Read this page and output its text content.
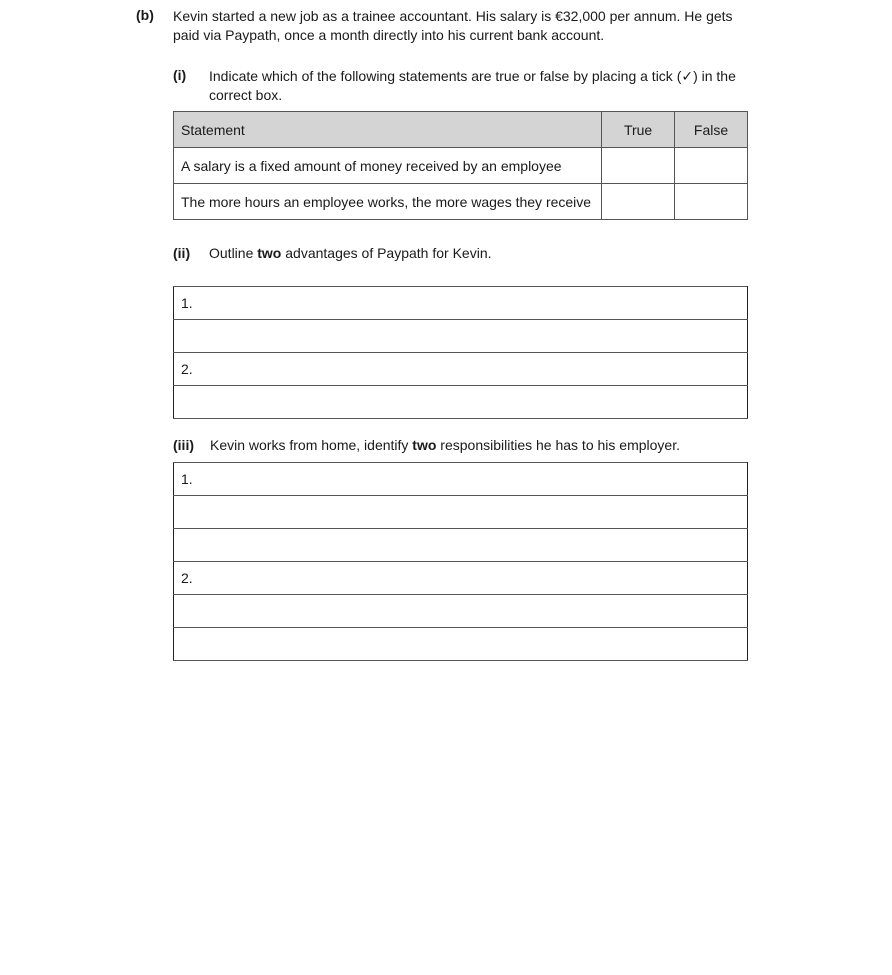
(b) Kevin started a new job as a trainee accountant. His salary is €32,000 per annum. He gets
paid via Paypath, once a month directly into his current bank account.
(i) Indicate which of the following statements are true or false by placing a tick (✓) in the
correct box.
Statement	True	False
A salary is a fixed amount of money received by an employee		
The more hours an employee works, the more wages they receive		
(ii) Outline two advantages of Paypath for Kevin.
1.

2.

(iii) Kevin works from home, identify two responsibilities he has to his employer.
1.

2.
